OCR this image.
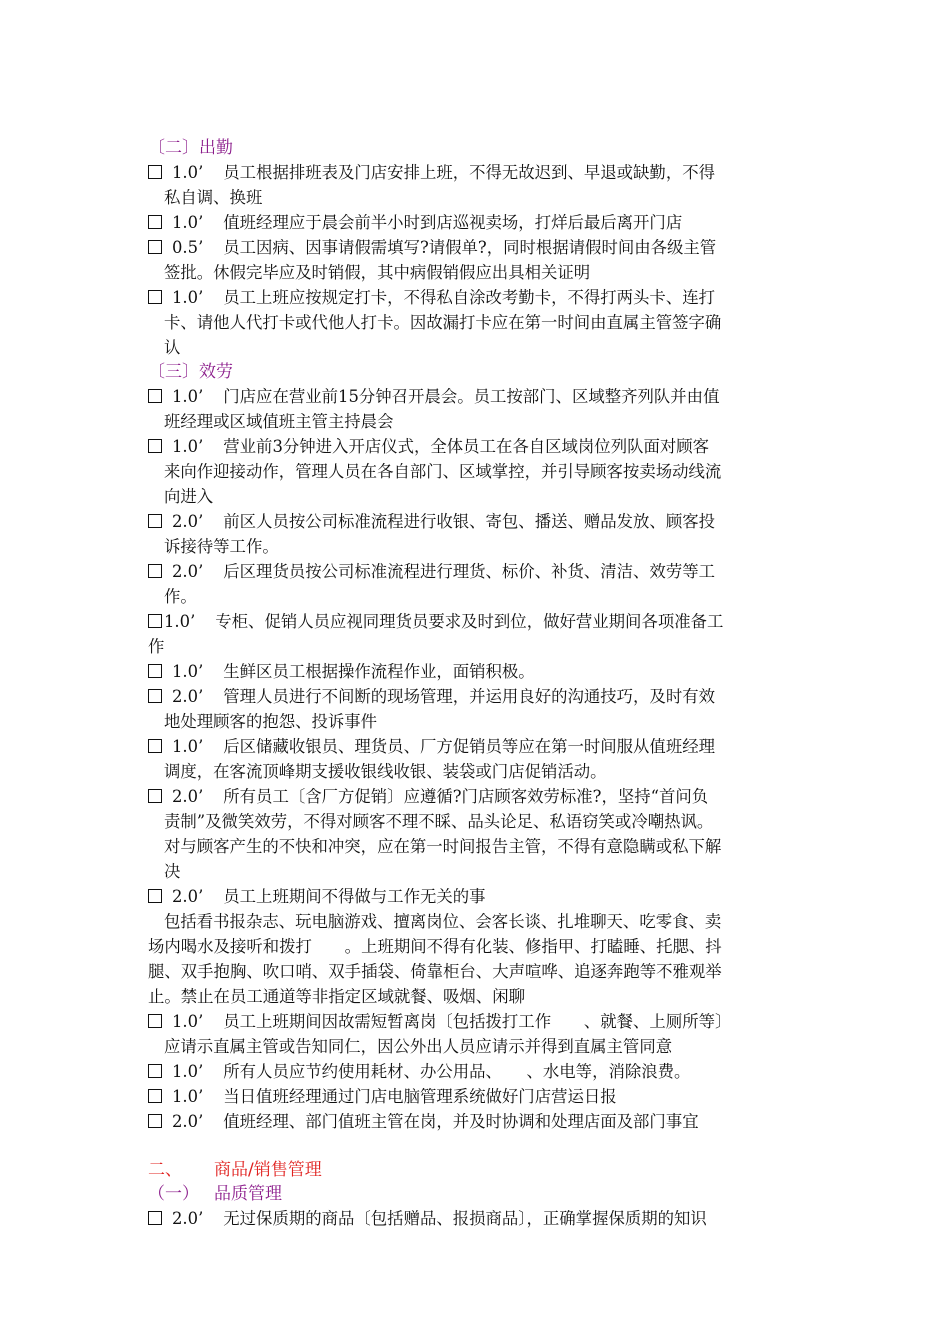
〔二〕出勤
1.0’ 员工根据排班表及门店安排上班，不得无故迟到、早退或缺勤，不得
私自调、换班
1.0’ 值班经理应于晨会前半小时到店巡视卖场，打烊后最后离开门店
0.5’ 员工因病、因事请假需填写?请假单?，同时根据请假时间由各级主管
签批。休假完毕应及时销假，其中病假销假应出具相关证明
1.0’ 员工上班应按规定打卡，不得私自涂改考勤卡，不得打两头卡、连打
卡、请他人代打卡或代他人打卡。因故漏打卡应在第一时间由直属主管签字确
认
〔三〕效劳
1.0’ 门店应在营业前15分钟召开晨会。员工按部门、区域整齐列队并由值
班经理或区域值班主管主持晨会
1.0’ 营业前3分钟进入开店仪式，全体员工在各自区域岗位列队面对顾客
来向作迎接动作，管理人员在各自部门、区域掌控，并引导顾客按卖场动线流
向进入
2.0’ 前区人员按公司标准流程进行收银、寄包、播送、赠品发放、顾客投
诉接待等工作。
2.0’ 后区理货员按公司标准流程进行理货、标价、补货、清洁、效劳等工
作。
1.0’ 专柜、促销人员应视同理货员要求及时到位，做好营业期间各项准备工
作
1.0’ 生鲜区员工根据操作流程作业，面销积极。
2.0’ 管理人员进行不间断的现场管理，并运用良好的沟通技巧，及时有效
地处理顾客的抱怨、投诉事件
1.0’ 后区储藏收银员、理货员、厂方促销员等应在第一时间服从值班经理
调度，在客流顶峰期支援收银线收银、装袋或门店促销活动。
2.0’ 所有员工〔含厂方促销〕应遵循?门店顾客效劳标准?，坚持“首问负
责制”及微笑效劳，不得对顾客不理不睬、品头论足、私语窃笑或冷嘲热讽。
对与顾客产生的不快和冲突，应在第一时间报告主管，不得有意隐瞒或私下解
决
2.0’ 员工上班期间不得做与工作无关的事
包括看书报杂志、玩电脑游戏、擅离岗位、会客长谈、扎堆聊天、吃零食、卖
场内喝水及接听和拨打　　。上班期间不得有化装、修指甲、打瞌睡、托腮、抖
腿、双手抱胸、吹口哨、双手插袋、倚靠柜台、大声喧哗、追逐奔跑等不雅观举
止。禁止在员工通道等非指定区域就餐、吸烟、闲聊
1.0’ 员工上班期间因故需短暂离岗〔包括拨打工作　　、就餐、上厕所等〕
应请示直属主管或告知同仁，因公外出人员应请示并得到直属主管同意
1.0’ 所有人员应节约使用耗材、办公用品、　　、水电等，消除浪费。
1.0’ 当日值班经理通过门店电脑管理系统做好门店营运日报
2.0’ 值班经理、部门值班主管在岗，并及时协调和处理店面及部门事宜
二、 商品/销售管理
（一） 品质管理
2.0’ 无过保质期的商品〔包括赠品、报损商品〕，正确掌握保质期的知识
